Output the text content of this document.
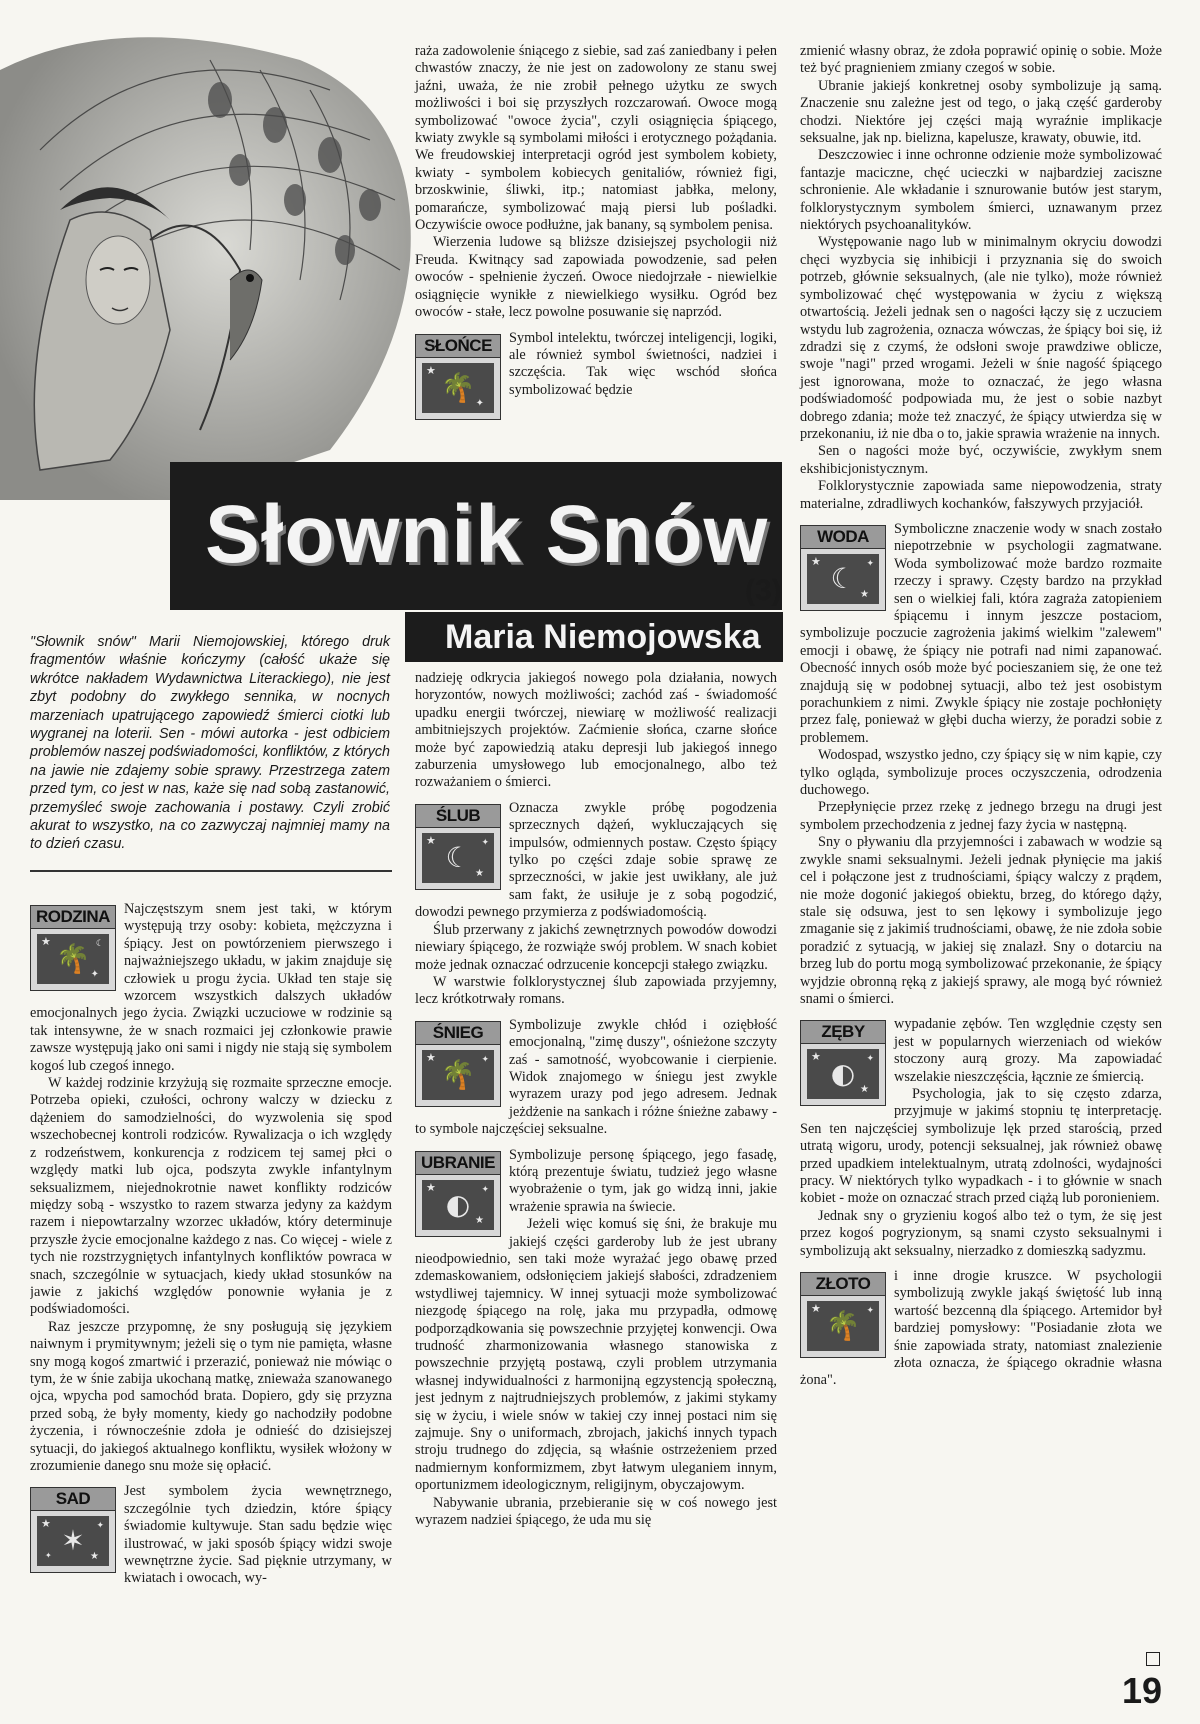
Słownik Snów
(3)
Maria Niemojowska

"Słownik snów" Marii Niemojowskiej, którego druk fragmentów właśnie kończymy (całość ukaże się wkrótce nakładem Wydawnictwa Literackiego), nie jest zbyt podobny do zwykłego sennika, w nocnych marzeniach upatrującego zapowiedź śmierci ciotki lub wygranej na loterii. Sen - mówi autorka - jest odbiciem problemów naszej podświadomości, konfliktów, z których na jawie nie zdajemy sobie sprawy. Przestrzega zatem przed tym, co jest w nas, każe się nad sobą zastanowić, przemyśleć swoje zachowania i postawy. Czyli zrobić akurat to wszystko, na co zazwyczaj najmniej mamy na to dzień czasu.

RODZINA
★	☾
✦
🌴

Najczęstszym snem jest taki, w którym występują trzy osoby: kobieta, mężczyzna i śpiący. Jest on powtórzeniem pierwszego i najważniejszego układu, w jakim znajduje się człowiek u progu życia. Układ ten staje się wzorcem wszystkich dalszych układów emocjonalnych jego życia. Związki uczuciowe w rodzinie są tak intensywne, że w snach rozmaici jej członkowie prawie zawsze występują jako oni sami i nigdy nie stają się symbolem kogoś lub czegoś innego.

W każdej rodzinie krzyżują się rozmaite sprzeczne emocje. Potrzeba opieki, czułości, ochrony walczy w dziecku z dążeniem do samodzielności, do wyzwolenia się spod wszechobecnej kontroli rodziców. Rywalizacja o ich względy z rodzeństwem, konkurencja z rodzicem tej samej płci o względy matki lub ojca, podszyta zwykle infantylnym seksualizmem, niejednokrotnie nawet konflikty rodziców między sobą - wszystko to razem stwarza jedyny za każdym razem i niepowtarzalny wzorzec układów, który determinuje przyszłe życie emocjonalne każdego z nas. Co więcej - wiele z tych nie rozstrzygniętych infantylnych konfliktów powraca w snach, szczególnie w sytuacjach, kiedy układ stosunków na jawie z jakichś względów ponownie wyłania je z podświadomości.

Raz jeszcze przypomnę, że sny posługują się językiem naiwnym i prymitywnym; jeżeli się o tym nie pamięta, własne sny mogą kogoś zmartwić i przerazić, ponieważ nie mówiąc o tym, że w śnie zabija ukochaną matkę, znieważa szanowanego ojca, wpycha pod samochód brata. Dopiero, gdy się przyzna przed sobą, że były momenty, kiedy go nachodziły podobne życzenia, i równocześnie zdoła je odnieść do dzisiejszej sytuacji, do jakiegoś aktualnego konfliktu, wysiłek włożony w zrozumienie danego snu może się opłacić.

SAD
★	✦
★
✦ ✶

Jest symbolem życia wewnętrznego, szczególnie tych dziedzin, które śpiący świadomie kultywuje. Stan sadu będzie więc ilustrować, w jaki sposób śpiący widzi swoje wewnętrzne życie. Sad pięknie utrzymany, w kwiatach i owocach, wy-

raża zadowolenie śniącego z siebie, sad zaś zaniedbany i pełen chwastów znaczy, że nie jest on zadowolony ze stanu swej jaźni, uważa, że nie zrobił pełnego użytku ze swych możliwości i boi się przyszłych rozczarowań. Owoce mogą symbolizować "owoce życia", czyli osiągnięcia śpiącego, kwiaty zwykle są symbolami miłości i erotycznego pożądania. We freudowskiej interpretacji ogród jest symbolem kobiety, kwiaty - symbolem kobiecych genitaliów, również figi, brzoskwinie, śliwki, itp.; natomiast jabłka, melony, pomarańcze, symbolizować mają piersi lub pośladki. Oczywiście owoce podłużne, jak banany, są symbolem penisa.

Wierzenia ludowe są bliższe dzisiejszej psychologii niż Freuda. Kwitnący sad zapowiada powodzenie, sad pełen owoców - spełnienie życzeń. Owoce niedojrzałe - niewielkie osiągnięcie wynikłe z niewielkiego wysiłku. Ogród bez owoców - stałe, lecz powolne posuwanie się naprzód.

SŁOŃCE
★
✦
🌴

Symbol intelektu, twórczej inteligencji, logiki, ale również symbol świetności, nadziei i szczęścia. Tak więc wschód słońca symbolizować będzie

nadzieję odkrycia jakiegoś nowego pola działania, nowych horyzontów, nowych możliwości; zachód zaś - świadomość upadku energii twórczej, niewiarę w możliwość realizacji ambitniejszych projektów. Zaćmienie słońca, czarne słońce może być zapowiedzią ataku depresji lub jakiegoś innego zaburzenia umysłowego lub emocjonalnego, albo też rozważaniem o śmierci.

ŚLUB
★	✦
★
☾

Oznacza zwykle próbę pogodzenia sprzecznych dążeń, wykluczających się impulsów, odmiennych postaw. Często śpiący tylko po części zdaje sobie sprawę ze sprzeczności, w jakie jest uwikłany, ale już sam fakt, że usiłuje je z sobą pogodzić, dowodzi pewnego przymierza z podświadomością.

Ślub przerwany z jakichś zewnętrznych powodów dowodzi niewiary śpiącego, że rozwiąże swój problem. W snach kobiet może jednak oznaczać odrzucenie koncepcji stałego związku.

W warstwie folklorystycznej ślub zapowiada przyjemny, lecz krótkotrwały romans.

ŚNIEG
★	✦
🌴

Symbolizuje zwykle chłód i oziębłość emocjonalną, "zimę duszy", ośnieżone szczyty zaś - samotność, wyobcowanie i cierpienie. Widok znajomego w śniegu jest zwykle wyrazem urazy pod jego adresem. Jednak jeżdżenie na sankach i różne śnieżne zabawy - to symbole najczęściej seksualne.

UBRANIE
★	✦
★
◐

Symbolizuje personę śpiącego, jego fasadę, którą prezentuje światu, tudzież jego własne wyobrażenie o tym, jak go widzą inni, jakie wrażenie sprawia na świecie.

Jeżeli więc komuś się śni, że brakuje mu jakiejś części garderoby lub że jest ubrany nieodpowiednio, sen taki może wyrażać jego obawę przed zdemaskowaniem, odsłonięciem jakiejś słabości, zdradzeniem wstydliwej tajemnicy. W innej sytuacji może symbolizować niezgodę śpiącego na rolę, jaka mu przypadła, odmowę podporządkowania się powszechnie przyjętej konwencji. Owa trudność zharmonizowania własnego stanowiska z powszechnie przyjętą postawą, czyli problem utrzymania własnej indywidualności z harmonijną egzystencją społeczną, jest jednym z najtrudniejszych problemów, z jakimi stykamy się w życiu, i wiele snów w takiej czy innej postaci nim się zajmuje. Sny o uniformach, zbrojach, jakichś innych typach stroju trudnego do zdjęcia, są właśnie ostrzeżeniem przed nadmiernym konformizmem, zbyt łatwym uleganiem innym, oportunizmem ideologicznym, religijnym, obyczajowym.

Nabywanie ubrania, przebieranie się w coś nowego jest wyrazem nadziei śpiącego, że uda mu się

zmienić własny obraz, że zdoła poprawić opinię o sobie. Może też być pragnieniem zmiany czegoś w sobie.

Ubranie jakiejś konkretnej osoby symbolizuje ją samą. Znaczenie snu zależne jest od tego, o jaką część garderoby chodzi. Niektóre jej części mają wyraźnie implikacje seksualne, jak np. bielizna, kapelusze, krawaty, obuwie, itd.

Deszczowiec i inne ochronne odzienie może symbolizować fantazje maciczne, chęć ucieczki w najbardziej zaciszne schronienie. Ale wkładanie i sznurowanie butów jest starym, folklorystycznym symbolem śmierci, uznawanym przez niektórych psychoanalityków.

Występowanie nago lub w minimalnym okryciu dowodzi chęci wyzbycia się inhibicji i przyznania się do swoich potrzeb, głównie seksualnych, (ale nie tylko), może również symbolizować chęć występowania w życiu z większą otwartością. Jeżeli jednak sen o nagości łączy się z uczuciem wstydu lub zagrożenia, oznacza wówczas, że śpiący boi się, iż zdradzi się z czymś, że odsłoni swoje prawdziwe oblicze, swoje "nagi" przed wrogami. Jeżeli w śnie nagość śpiącego jest ignorowana, może to oznaczać, że jego własna podświadomość podpowiada mu, że jest o sobie nazbyt dobrego zdania; może też znaczyć, że śpiący utwierdza się w przekonaniu, iż nie dba o to, jakie sprawia wrażenie na innych.

Sen o nagości może być, oczywiście, zwykłym snem ekshibicjonistycznym.

Folklorystycznie zapowiada same niepowodzenia, straty materialne, zdradliwych kochanków, fałszywych przyjaciół.

WODA
★	✦
★
☾

Symboliczne znaczenie wody w snach zostało niepotrzebnie w psychologii zagmatwane. Woda symbolizować może bardzo rozmaite rzeczy i sprawy. Częsty bardzo na przykład sen o wielkiej fali, która zagraża zatopieniem śpiącemu i innym jeszcze postaciom, symbolizuje poczucie zagrożenia jakimś wielkim "zalewem" emocji i obawę, że śpiący nie potrafi nad nimi zapanować. Obecność innych osób może być pocieszaniem się, że one też znajdują się w podobnej sytuacji, albo też jest osobistym porachunkiem z nimi. Zwykle śpiący nie zostaje pochłonięty przez falę, ponieważ w głębi ducha wierzy, że poradzi sobie z problemem.

Wodospad, wszystko jedno, czy śpiący się w nim kąpie, czy tylko ogląda, symbolizuje proces oczyszczenia, odrodzenia duchowego.

Przepłynięcie przez rzekę z jednego brzegu na drugi jest symbolem przechodzenia z jednej fazy życia w następną.

Sny o pływaniu dla przyjemności i zabawach w wodzie są zwykle snami seksualnymi. Jeżeli jednak płynięcie ma jakiś cel i połączone jest z trudnościami, śpiący walczy z prądem, nie może dogonić jakiegoś obiektu, brzeg, do którego dąży, stale się odsuwa, jest to sen lękowy i symbolizuje jego zmaganie się z jakimiś trudnościami, obawę, że nie zdoła sobie poradzić z sytuacją, w jakiej się znalazł. Sny o dotarciu na brzeg lub do portu mogą symbolizować przekonanie, że śpiący wyjdzie obronną ręką z jakiejś sprawy, ale mogą być również snami o śmierci.

ZĘBY
★	✦
★
◐

wypadanie zębów. Ten względnie częsty sen jest w popularnych wierzeniach od wieków stoczony aurą grozy. Ma zapowiadać wszelakie nieszczęścia, łącznie ze śmiercią.

Psychologia, jak to się często zdarza, przyjmuje w jakimś stopniu tę interpretację. Sen ten najczęściej symbolizuje lęk przed starością, przed utratą wigoru, urody, potencji seksualnej, jak również obawę przed upadkiem intelektualnym, utratą zdolności, wydajności pracy. W niektórych tylko wypadkach - i to głównie w snach kobiet - może on oznaczać strach przed ciążą lub poronieniem.

Jednak sny o gryzieniu kogoś albo też o tym, że się jest przez kogoś pogryzionym, są snami czysto seksualnymi i symbolizują akt seksualny, nierzadko z domieszką sadyzmu.

ZŁOTO
★	✦
🌴

i inne drogie kruszce. W psychologii symbolizują zwykle jakąś świętość lub inną wartość bezcenną dla śpiącego. Artemidor był bardziej pomysłowy: "Posiadanie złota we śnie zapowiada straty, natomiast znalezienie złota oznacza, że śpiącego okradnie własna żona".

19
